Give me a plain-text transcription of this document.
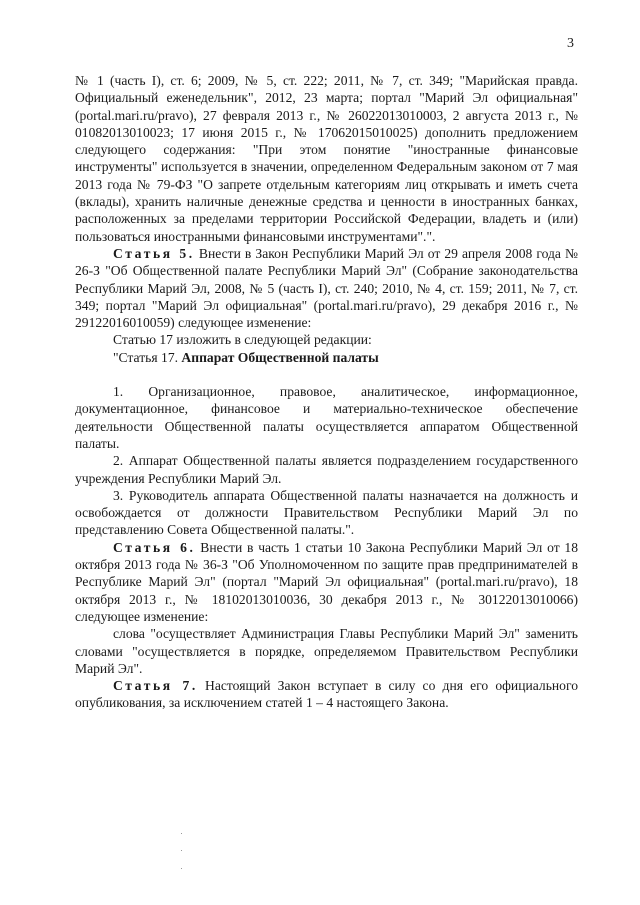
3

№ 1 (часть I), ст. 6; 2009, № 5, ст. 222; 2011, № 7, ст. 349; "Марийская правда. Официальный еженедельник", 2012, 23 марта; портал "Марий Эл официальная" (portal.mari.ru/pravo), 27 февраля 2013 г., № 26022013010003, 2 августа 2013 г., № 01082013010023; 17 июня 2015 г., № 17062015010025) дополнить предложением следующего содержания: "При этом понятие "иностранные финансовые инструменты" используется в значении, определенном Федеральным законом от 7 мая 2013 года № 79-ФЗ "О запрете отдельным категориям лиц открывать и иметь счета (вклады), хранить наличные денежные средства и ценности в иностранных банках, расположенных за пределами территории Российской Федерации, владеть и (или) пользоваться иностранными финансовыми инструментами".".

Статья 5. Внести в Закон Республики Марий Эл от 29 апреля 2008 года № 26-З "Об Общественной палате Республики Марий Эл" (Собрание законодательства Республики Марий Эл, 2008, № 5 (часть I), ст. 240; 2010, № 4, ст. 159; 2011, № 7, ст. 349; портал "Марий Эл официальная" (portal.mari.ru/pravo), 29 декабря 2016 г., № 29122016010059) следующее изменение:

Статью 17 изложить в следующей редакции:

"Статья 17. Аппарат Общественной палаты

1. Организационное, правовое, аналитическое, информационное, документационное, финансовое и материально-техническое обеспечение деятельности Общественной палаты осуществляется аппаратом Общественной палаты.

2. Аппарат Общественной палаты является подразделением государственного учреждения Республики Марий Эл.

3. Руководитель аппарата Общественной палаты назначается на должность и освобождается от должности Правительством Республики Марий Эл по представлению Совета Общественной палаты.".

Статья 6. Внести в часть 1 статьи 10 Закона Республики Марий Эл от 18 октября 2013 года № 36-З "Об Уполномоченном по защите прав предпринимателей в Республике Марий Эл" (портал "Марий Эл официальная" (portal.mari.ru/pravo), 18 октября 2013 г., № 18102013010036, 30 декабря 2013 г., № 30122013010066) следующее изменение:

слова "осуществляет Администрация Главы Республики Марий Эл" заменить словами "осуществляется в порядке, определяемом Правительством Республики Марий Эл".

Статья 7. Настоящий Закон вступает в силу со дня его официального опубликования, за исключением статей 1 – 4 настоящего Закона.
